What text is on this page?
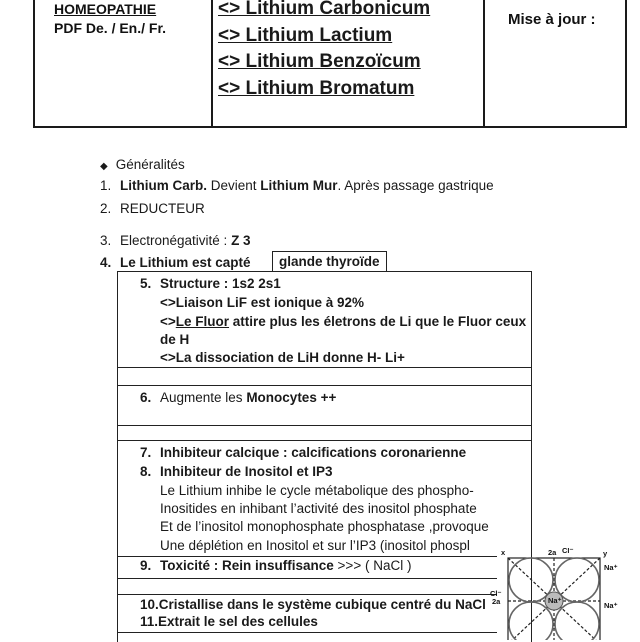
HOMEOPATHIE
PDF De. / En./ Fr.
<> Lithium Carbonicum
<> Lithium Lactium
<> Lithium Benzoïcum
<> Lithium Bromatum
Mise à jour :
◆ Généralités
1. Lithium Carb. Devient Lithium Mur. Après passage gastrique
2. REDUCTEUR
3. Electronégativité : Z 3
4. Le Lithium est capté	glande thyroïde
5. Structure : 1s2 2s1
<>Liaison LiF est ionique à 92%
<>Le Fluor attire plus les életrons de Li que le Fluor ceux
de H
<>La dissociation de LiH donne H- Li+
6. Augmente les Monocytes ++
7. Inhibiteur calcique : calcifications coronarienne
8. Inhibiteur de Inositol et IP3
Le Lithium inhibe le cycle métabolique des phospho-
Inositides en inhibant l’activité des inositol phosphate
Et de l’inositol monophosphate phosphatase ,provoque
Une déplétion en Inositol et sur l’IP3 (inositol phospl
9. Toxicité : Rein insuffisance >>> ( NaCl )
10.Cristallise dans le système cubique centré du NaCl
11.Extrait le sel des cellules
x	2a Cl⁻	y
Na⁺
Cl⁻
2a	Na⁺
Na⁺
